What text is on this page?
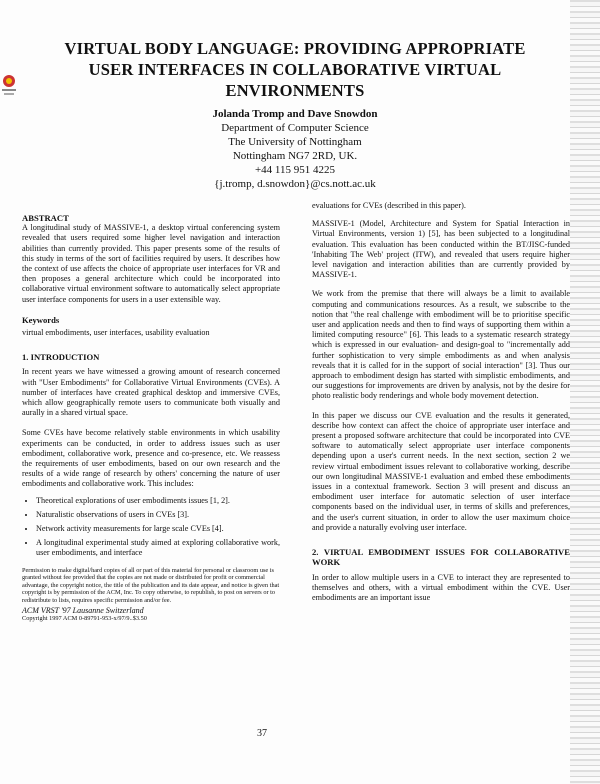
VIRTUAL BODY LANGUAGE: PROVIDING APPROPRIATE
USER INTERFACES IN COLLABORATIVE VIRTUAL
ENVIRONMENTS
Jolanda Tromp and Dave Snowdon
Department of Computer Science
The University of Nottingham
Nottingham NG7 2RD, UK.
+44 115 951 4225
{j.tromp, d.snowdon}@cs.nott.ac.uk

ABSTRACT

A longitudinal study of MASSIVE-1, a desktop virtual conferencing system revealed that users required some higher level navigation and interaction abilities than currently provided. This paper presents some of the results of this study in terms of the sort of facilities required by users. It describes how the context of use affects the choice of appropriate user interfaces for VR and then proposes a general architecture which could be incorporated into collaborative virtual environment software to automatically select appropriate user interface components for users in a user extensible way.

Keywords

virtual embodiments, user interfaces, usability evaluation

1. INTRODUCTION

In recent years we have witnessed a growing amount of research concerned with "User Embodiments" for Collaborative Virtual Environments (CVEs). A number of interfaces have created graphical desktop and immersive CVEs, which allow geographically remote users to communicate both visually and aurally in a shared virtual space.

Some CVEs have become relatively stable environments in which usability experiments can be conducted, in order to address issues such as user embodiment, collaborative work, presence and co-presence, etc. We reassess the requirements of user embodiments, based on our own research and the results of a wide range of research by others' concerning the nature of user embodiments and collaborative work. This includes:

• Theoretical explorations of user embodiments issues [1, 2].
• Naturalistic observations of users in CVEs [3].
• Network activity measurements for large scale CVEs [4].
• A longitudinal experimental study aimed at exploring collaborative work, user embodiments, and interface

Permission to make digital/hard copies of all or part of this material for personal or classroom use is granted without fee provided that the copies are not made or distributed for profit or commercial advantage, the copyright notice, the title of the publication and its date appear, and notice is given that copyright is by permission of the ACM, Inc. To copy otherwise, to republish, to post on servers or to redistribute to lists, requires specific permission and/or fee.

ACM VRST '97 Lausanne Switzerland

Copyright 1997 ACM 0-89791-953-x/97/9..$3.50

evaluations for CVEs (described in this paper).

MASSIVE-1 (Model, Architecture and System for Spatial Interaction in Virtual Environments, version 1) [5], has been subjected to a longitudinal evaluation. This evaluation has been conducted within the BT/JISC-funded 'Inhabiting The Web' project (ITW), and revealed that users require higher level navigation and interaction abilities than are currently provided by MASSIVE-1.

We work from the premise that there will always be a limit to available computing and communications resources. As a result, we subscribe to the notion that "the real challenge with embodiment will be to prioritise specific user and application needs and then to find ways of supporting them within a limited computing resource" [6]. This leads to a systematic research strategy which is expressed in our evaluation- and design-goal to "incrementally add further sophistication to very simple embodiments as and when analysis reveals that it is called for in the support of social interaction" [3]. Thus our approach to embodiment design has started with simplistic embodiments, and our suggestions for improvements are driven by analysis, not by the desire for photo realistic body renderings and whole body movement detection.

In this paper we discuss our CVE evaluation and the results it generated, describe how context can affect the choice of appropriate user interface and present a proposed software architecture that could be incorporated into CVE software to automatically select appropriate user interface components depending upon a user's current needs. In the next section, section 2 we review virtual embodiment issues relevant to collaborative working, describe our own longitudinal MASSIVE-1 evaluation and embed these embodiments issues in a contextual framework. Section 3 will present and discuss an embodiment user interface for automatic selection of user interface components based on the individual user, in terms of skills and preferences, and the user's current situation, in order to allow the user maximum choice and provide a naturally evolving user interface.

2. VIRTUAL EMBODIMENT ISSUES FOR COLLABORATIVE WORK

In order to allow multiple users in a CVE to interact they are represented to themselves and others, with a virtual embodiment within the CVE. User embodiments are an important issue

37
